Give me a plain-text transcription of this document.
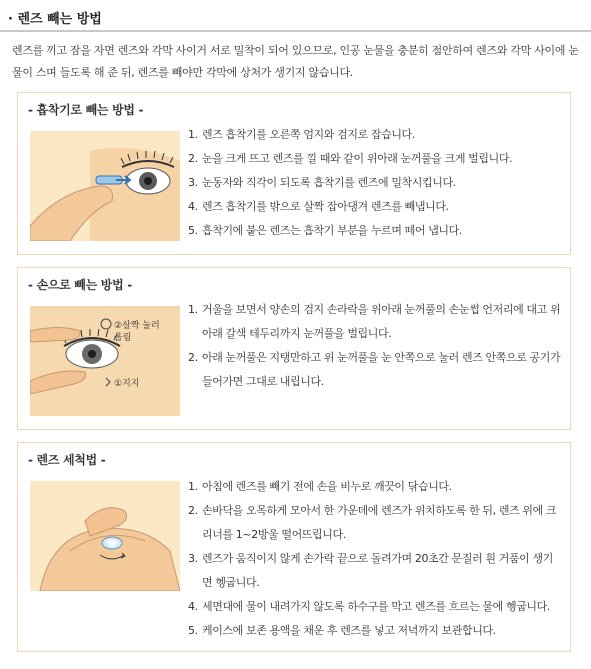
· 렌즈 빼는 방법
렌즈를 끼고 잠을 자면 렌즈와 각막 사이거 서로 밀착이 되어 있으므로, 인공 눈물을 충분히 점안하여 렌즈와 각막 사이에 눈물이 스며 들도록 해 준 뒤, 렌즈를 빼야만 각막에 상처가 생기지 않습니다.
- 흡착기로 빼는 방법 -
1. 렌즈 흡착기를 오른쪽 엄지와 검지로 잡습니다.
2. 눈을 크게 뜨고 렌즈를 낄 때와 같이 위아래 눈꺼풀을 크게 벌립니다.
3. 눈동자와 직각이 되도록 흡착기를 렌즈에 밀착시킵니다.
4. 렌즈 흡착기를 밖으로 살짝 잡아댕겨 렌즈를 빼냅니다.
5. 흡착기에 붙은 렌즈는 흡착기 부분을 누르며 떼어 냅니다.
- 손으로 빼는 방법 -
②살짝 눌러
올림
①지지
1. 거울을 보면서 양손의 검지 손라락을 위아래 눈꺼풀의 손눈썹 언저리에 대고 위아래 갈색 테두리까지 눈꺼풀을 벌립니다.
2. 아래 눈꺼풀은 지탱만하고 위 눈꺼풀을 눈 안쪽으로 눌러 렌즈 안쪽으로 공기가 들어가면 그대로 내립니다.
- 렌즈 세척법 -
1. 아침에 렌즈를 빼기 전에 손을 비누로 깨끗이 닦습니다.
2. 손바닥을 오목하게 모아서 한 가운데에 렌즈가 위치하도록 한 뒤, 렌즈 위에 크리너를 1~2방울 떨어뜨립니다.
3. 렌즈가 움직이지 않게 손가락 끝으로 돌려가며 20초간 문질러 흰 거품이 생기면 헹굽니다.
4. 세면대에 물이 내려가지 않도록 하수구를 막고 렌즈를 흐르는 물에 헹굽니다.
5. 케이스에 보존 용액을 채운 후 렌즈를 넣고 저녁까지 보관합니다.
